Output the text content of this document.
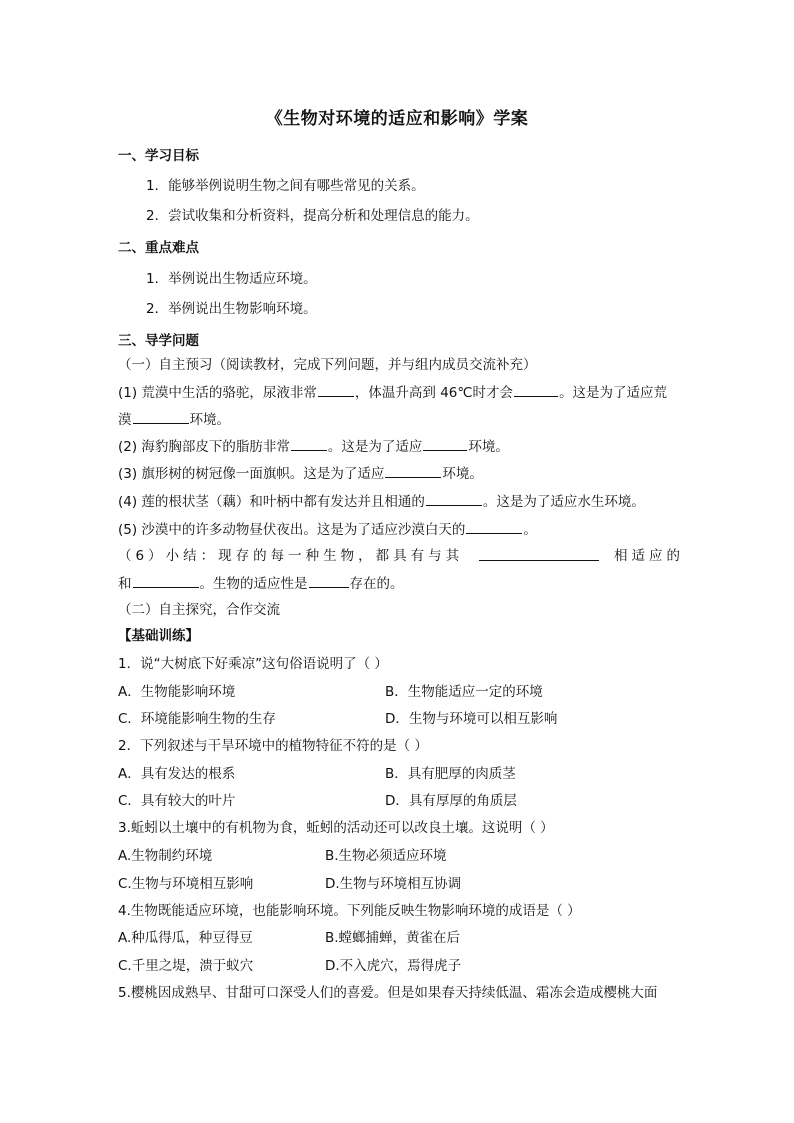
《生物对环境的适应和影响》学案
一、学习目标
1．能够举例说明生物之间有哪些常见的关系。
2．尝试收集和分析资料，提高分析和处理信息的能力。
二、重点难点
1．举例说出生物适应环境。
2．举例说出生物影响环境。
三、导学问题
（一）自主预习（阅读教材，完成下列问题，并与组内成员交流补充）
(1) 荒漠中生活的骆驼，尿液非常	，体温升高到 46℃时才会	。这是为了适应荒
漠	环境。
(2) 海豹胸部皮下的脂肪非常	。这是为了适应	环境。
(3) 旗形树的树冠像一面旗帜。这是为了适应	环境。
(4) 莲的根状茎（藕）和叶柄中都有发达并且相通的	。这是为了适应水生环境。
(5) 沙漠中的许多动物昼伏夜出。这是为了适应沙漠白天的	。
（6）小结：现存的每一种生物，都具有与其	相适应的
和	。生物的适应性是	存在的。
（二）自主探究，合作交流
【基础训练】
1．说“大树底下好乘凉”这句俗语说明了（ ）
A．生物能影响环境	B．生物能适应一定的环境
C．环境能影响生物的生存	D．生物与环境可以相互影响
2．下列叙述与干旱环境中的植物特征不符的是（ ）
A．具有发达的根系	B．具有肥厚的肉质茎
C．具有较大的叶片	D．具有厚厚的角质层
3.蚯蚓以土壤中的有机物为食，蚯蚓的活动还可以改良土壤。这说明（ ）
A.生物制约环境	B.生物必须适应环境
C.生物与环境相互影响	D.生物与环境相互协调
4.生物既能适应环境，也能影响环境。下列能反映生物影响环境的成语是（ ）
A.种瓜得瓜，种豆得豆	B.螳螂捕蝉，黄雀在后
C.千里之堤，溃于蚁穴	D.不入虎穴，焉得虎子
5.樱桃因成熟早、甘甜可口深受人们的喜爱。但是如果春天持续低温、霜冻会造成樱桃大面
